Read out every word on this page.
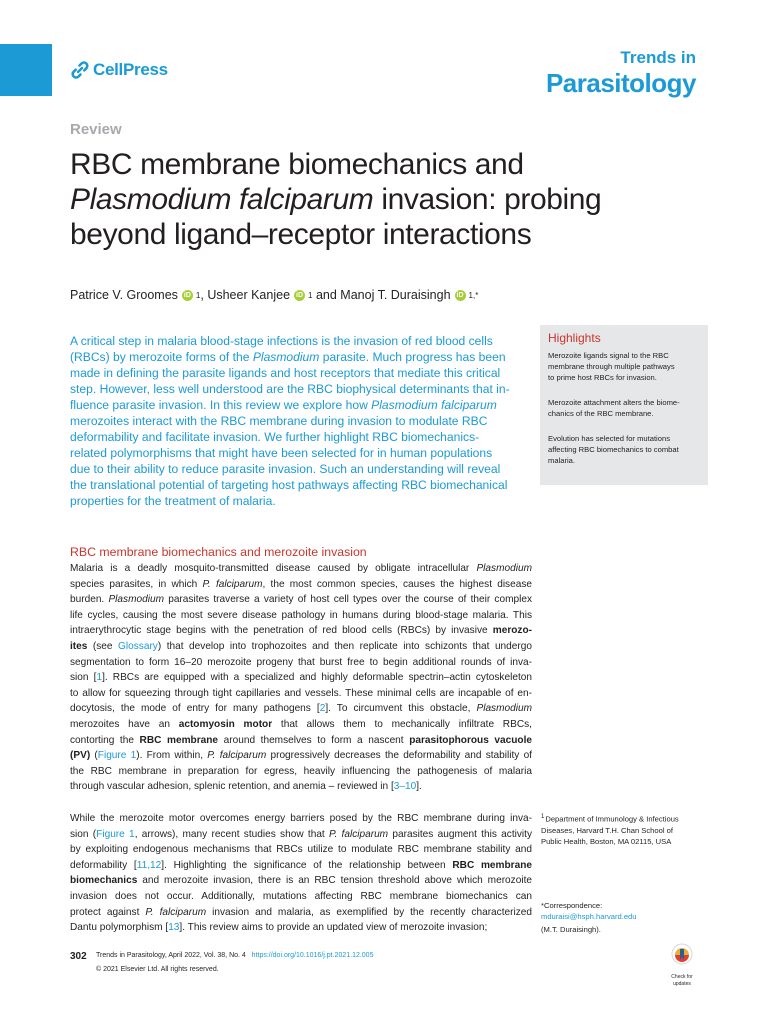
CellPress
Trends in
Parasitology
Review
RBC membrane biomechanics and
Plasmodium falciparum invasion: probing
beyond ligand–receptor interactions
Patrice V. Groomes iD 1 , Usheer Kanjee iD 1 and Manoj T. Duraisingh iD 1,*
A critical step in malaria blood-stage infections is the invasion of red blood cells
(RBCs) by merozoite forms of the Plasmodium parasite. Much progress has been
made in defining the parasite ligands and host receptors that mediate this critical
step. However, less well understood are the RBC biophysical determinants that in-
fluence parasite invasion. In this review we explore how Plasmodium falciparum
merozoites interact with the RBC membrane during invasion to modulate RBC
deformability and facilitate invasion. We further highlight RBC biomechanics-
related polymorphisms that might have been selected for in human populations
due to their ability to reduce parasite invasion. Such an understanding will reveal
the translational potential of targeting host pathways affecting RBC biomechanical
properties for the treatment of malaria.
Highlights
Merozoite ligands signal to the RBC
membrane through multiple pathways
to prime host RBCs for invasion.
Merozoite attachment alters the biome-
chanics of the RBC membrane.
Evolution has selected for mutations
affecting RBC biomechanics to combat
malaria.
RBC membrane biomechanics and merozoite invasion
Malaria is a deadly mosquito-transmitted disease caused by obligate intracellular Plasmodium
species parasites, in which P. falciparum, the most common species, causes the highest disease
burden. Plasmodium parasites traverse a variety of host cell types over the course of their complex
life cycles, causing the most severe disease pathology in humans during blood-stage malaria. This
intraerythrocytic stage begins with the penetration of red blood cells (RBCs) by invasive merozo-
ites (see Glossary) that develop into trophozoites and then replicate into schizonts that undergo
segmentation to form 16–20 merozoite progeny that burst free to begin additional rounds of inva-
sion [1]. RBCs are equipped with a specialized and highly deformable spectrin–actin cytoskeleton
to allow for squeezing through tight capillaries and vessels. These minimal cells are incapable of en-
docytosis, the mode of entry for many pathogens [2]. To circumvent this obstacle, Plasmodium
merozoites have an actomyosin motor that allows them to mechanically infiltrate RBCs,
contorting the RBC membrane around themselves to form a nascent parasitophorous vacuole
(PV) (Figure 1). From within, P. falciparum progressively decreases the deformability and stability of
the RBC membrane in preparation for egress, heavily influencing the pathogenesis of malaria
through vascular adhesion, splenic retention, and anemia – reviewed in [3–10].
While the merozoite motor overcomes energy barriers posed by the RBC membrane during inva-
sion (Figure 1, arrows), many recent studies show that P. falciparum parasites augment this activity
by exploiting endogenous mechanisms that RBCs utilize to modulate RBC membrane stability and
deformability [11,12]. Highlighting the significance of the relationship between RBC membrane
biomechanics and merozoite invasion, there is an RBC tension threshold above which merozoite
invasion does not occur. Additionally, mutations affecting RBC membrane biomechanics can
protect against P. falciparum invasion and malaria, as exemplified by the recently characterized
Dantu polymorphism [13]. This review aims to provide an updated view of merozoite invasion;
$^1$Department of Immunology & Infectious
Diseases, Harvard T.H. Chan School of
Public Health, Boston, MA 02115, USA
*Correspondence:
mduraisi@hsph.harvard.edu
(M.T. Duraisingh).
302 Trends in Parasitology, April 2022, Vol. 38, No. 4 https://doi.org/10.1016/j.pt.2021.12.005
© 2021 Elsevier Ltd. All rights reserved.
Check for
updates
